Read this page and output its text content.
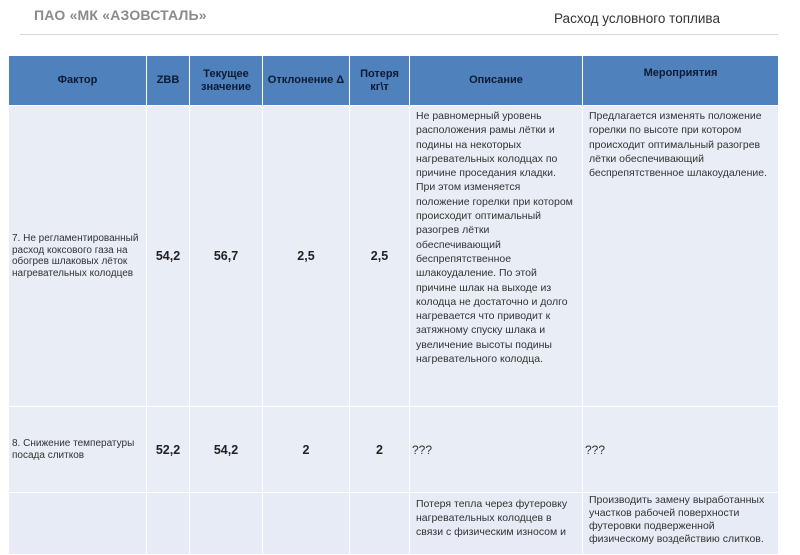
ПАО «МК «АЗОВСТАЛЬ»	Расход условного топлива
Фактор	ZBB	Текущее значение	Отклонение Δ	Потеря кг\т	Описание	Мероприятия
7. Не регламентированный расход коксового газа на обогрев шлаковых лёток нагревательных колодцев	54,2	56,7	2,5	2,5	Не равномерный уровень расположения рамы лётки и подины на некоторых нагревательных колодцах по причине проседания кладки. При этом изменяется положение горелки при котором происходит оптимальный разогрев лётки обеспечивающий беспрепятственное шлакоудаление. По этой причине шлак на выходе из колодца не достаточно и долго нагревается что приводит к затяжному спуску шлака и увеличение высоты подины нагревательного колодца.	Предлагается изменять положение горелки по высоте при котором происходит оптимальный разогрев лётки обеспечивающий беспрепятственное шлакоудаление.
8. Снижение температуры посада слитков	52,2	54,2	2	2	???	???
					Потеря тепла через футеровку нагревательных колодцев в связи с физическим износом и	Производить замену выработанных участков рабочей поверхности футеровки подверженной физическому воздействию слитков.
